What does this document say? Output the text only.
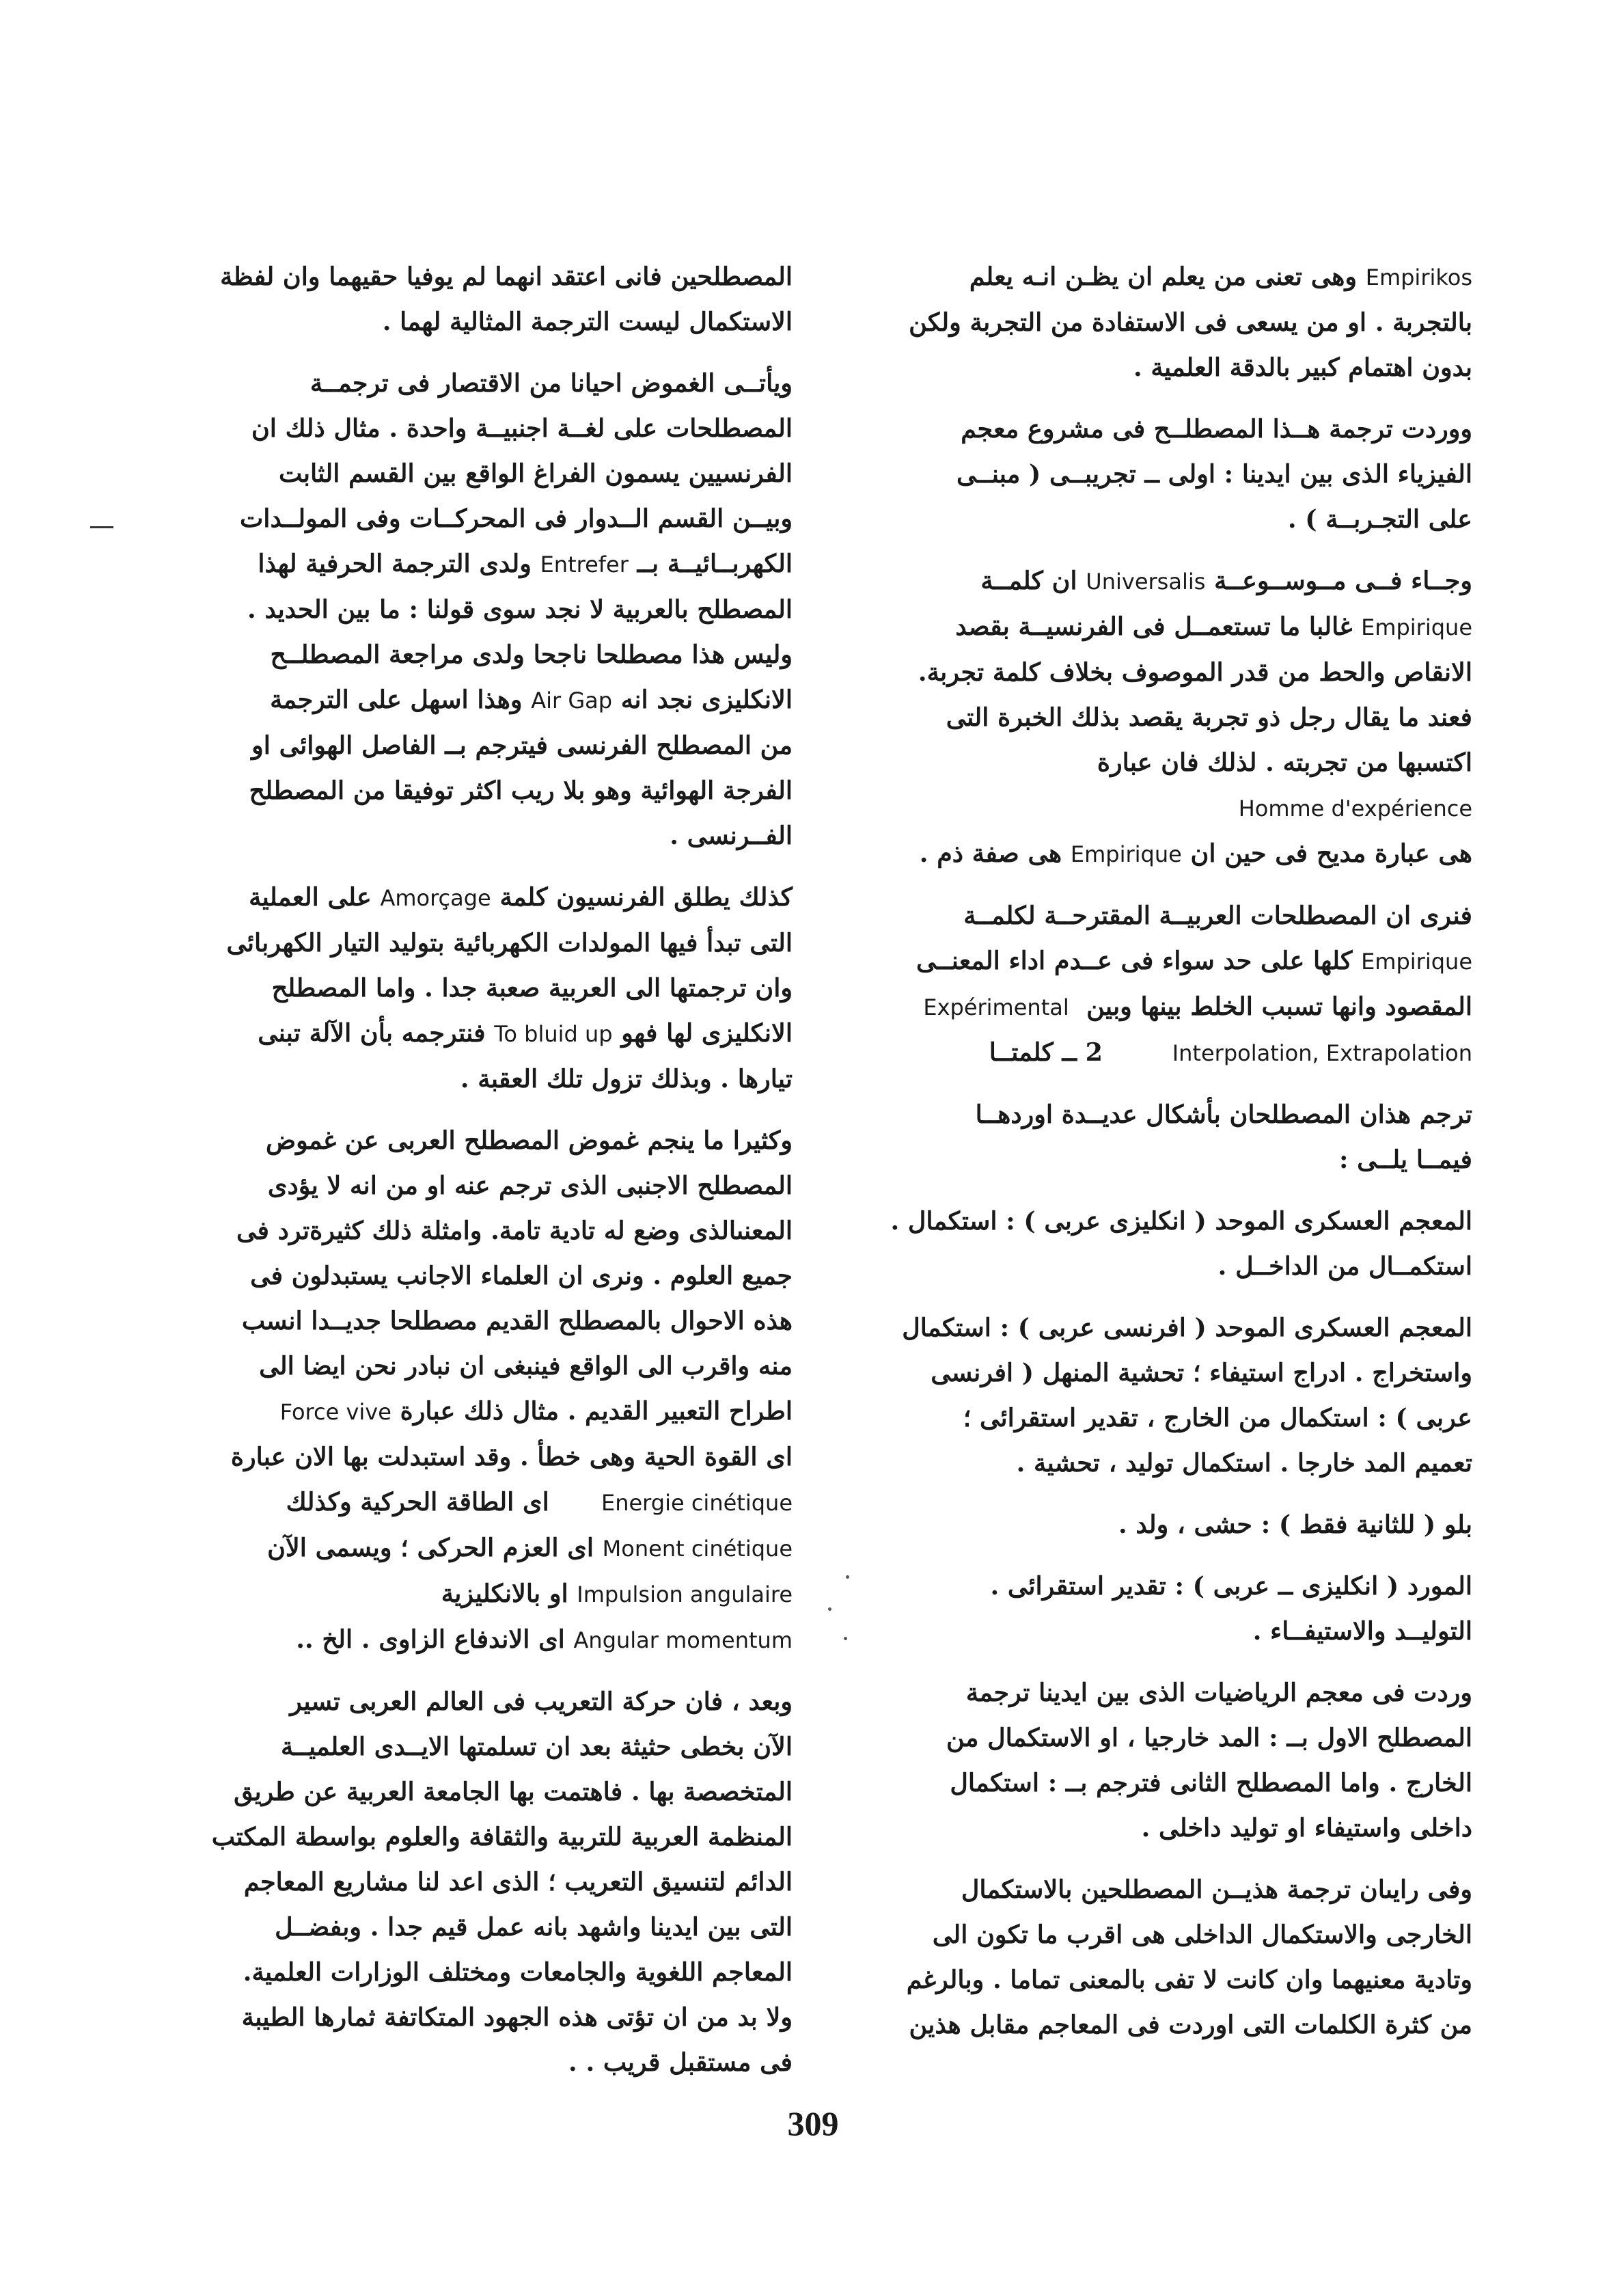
Empirikos وهى تعنى من يعلم ان يظـن انـه يعلم
بالتجربة . او من يسعى فى الاستفادة من التجربة ولكن
بدون اهتمام كبير بالدقة العلمية .
ووردت ترجمة هــذا المصطلــح فى مشروع معجم
الفيزياء الذى بين ايدينا : اولى ــ تجريبــى ( مبنــى
على التجـربــة ) .
وجــاء فــى مــوســوعــة Universalis ان كلمــة
Empirique غالبا ما تستعمــل فى الفرنسيــة بقصد
الانقاص والحط من قدر الموصوف بخلاف كلمة تجربة.
فعند ما يقال رجل ذو تجربة يقصد بذلك الخبرة التى
اكتسبها من تجربته . لذلك فان عبارة
Homme d'expérience
هى عبارة مديح فى حين ان Empirique هى صفة ذم .
فنرى ان المصطلحات العربيــة المقترحــة لكلمــة
Empirique كلها على حد سواء فى عــدم اداء المعنــى
المقصود وانها تسبب الخلط بينها وبين  Expérimental
Interpolation, Extrapolation        2 ــ كلمتــا
ترجم هذان المصطلحان بأشكال عديــدة اوردهــا
فيمــا يلــى :
المعجم العسكرى الموحد ( انكليزى عربى ) : استكمال .
استكمــال من الداخــل .
المعجم العسكرى الموحد ( افرنسى عربى ) : استكمال
واستخراج . ادراج استيفاء ؛ تحشية المنهل ( افرنسى
عربى ) : استكمال من الخارج ، تقدير استقرائى ؛
تعميم المد خارجا . استكمال توليد ، تحشية .
بلو ( للثانية فقط ) : حشى ، ولد .
المورد ( انكليزى ــ عربى ) : تقدير استقرائى .
التوليــد والاستيفــاء .
وردت فى معجم الرياضيات الذى بين ايدينا ترجمة
المصطلح الاول بــ : المد خارجيا ، او الاستكمال من
الخارج . واما المصطلح الثانى فترجم بــ : استكمال
داخلى واستيفاء او توليد داخلى .
وفى رايىان ترجمة هذيــن المصطلحين بالاستكمال
الخارجى والاستكمال الداخلى هى اقرب ما تكون الى
وتادية معنيهما وان كانت لا تفى بالمعنى تماما . وبالرغم
من كثرة الكلمات التى اوردت فى المعاجم مقابل هذين
المصطلحين فانى اعتقد انهما لم يوفيا حقيهما وان لفظة
الاستكمال ليست الترجمة المثالية لهما .
ويأتــى الغموض احيانا من الاقتصار فى ترجمــة
المصطلحات على لغــة اجنبيــة واحدة . مثال ذلك ان
الفرنسيين يسمون الفراغ الواقع بين القسم الثابت
وبيــن القسم الــدوار فى المحركــات وفى المولــدات
الكهربــائيــة بــ Entrefer ولدى الترجمة الحرفية لهذا
المصطلح بالعربية لا نجد سوى قولنا : ما بين الحديد .
وليس هذا مصطلحا ناجحا ولدى مراجعة المصطلــح
الانكليزى نجد انه Air Gap وهذا اسهل على الترجمة
من المصطلح الفرنسى فيترجم بــ الفاصل الهوائى او
الفرجة الهوائية وهو بلا ريب اكثر توفيقا من المصطلح
الفــرنسى .
كذلك يطلق الفرنسيون كلمة Amorçage على العملية
التى تبدأ فيها المولدات الكهربائية بتوليد التيار الكهربائى
وان ترجمتها الى العربية صعبة جدا . واما المصطلح
الانكليزى لها فهو To bluid up فنترجمه بأن الآلة تبنى
تيارها . وبذلك تزول تلك العقبة .
وكثيرا ما ينجم غموض المصطلح العربى عن غموض
المصطلح الاجنبى الذى ترجم عنه او من انه لا يؤدى
المعنىالذى وضع له تادية تامة. وامثلة ذلك كثيرةترد فى
جميع العلوم . ونرى ان العلماء الاجانب يستبدلون فى
هذه الاحوال بالمصطلح القديم مصطلحا جديــدا انسب
منه واقرب الى الواقع فينبغى ان نبادر نحن ايضا الى
اطراح التعبير القديم . مثال ذلك عبارة Force vive
اى القوة الحية وهى خطأ . وقد استبدلت بها الان عبارة
Energie cinétique      اى الطاقة الحركية وكذلك
Monent cinétique اى العزم الحركى ؛ ويسمى الآن
Impulsion angulaire او بالانكليزية
Angular momentum اى الاندفاع الزاوى . الخ ..
وبعد ، فان حركة التعريب فى العالم العربى تسير
الآن بخطى حثيثة بعد ان تسلمتها الايــدى العلميــة
المتخصصة بها . فاهتمت بها الجامعة العربية عن طريق
المنظمة العربية للتربية والثقافة والعلوم بواسطة المكتب
الدائم لتنسيق التعريب ؛ الذى اعد لنا مشاريع المعاجم
التى بين ايدينا واشهد بانه عمل قيم جدا . وبفضــل
المعاجم اللغوية والجامعات ومختلف الوزارات العلمية.
ولا بد من ان تؤتى هذه الجهود المتكاتفة ثمارها الطيبة
فى مستقبل قريب . .
309
